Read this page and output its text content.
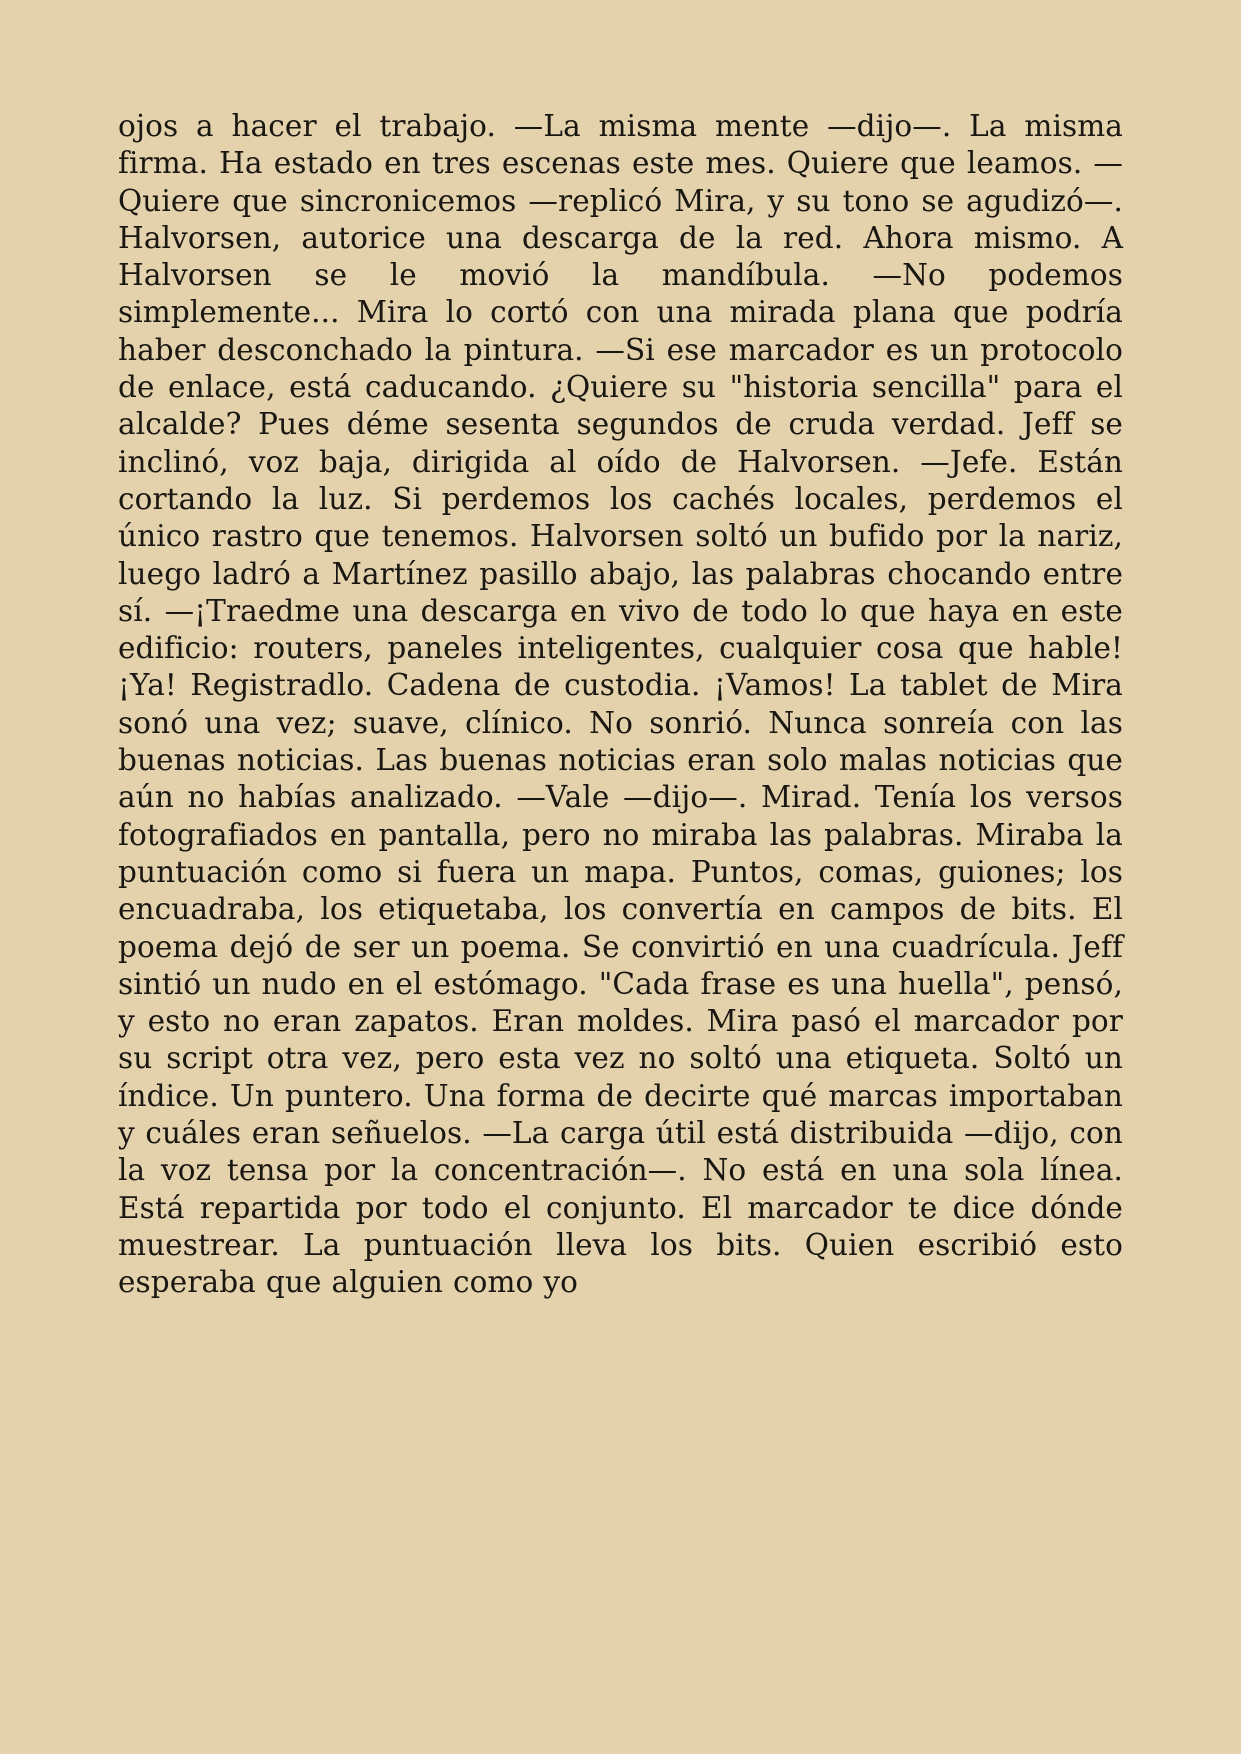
ojos a hacer el trabajo. —La misma mente —dijo—. La misma firma. Ha estado en tres escenas este mes. Quiere que leamos. —Quiere que sincronicemos —replicó Mira, y su tono se agudizó—. Halvorsen, autorice una descarga de la red. Ahora mismo. A Halvorsen se le movió la mandíbula. —No podemos simplemente... Mira lo cortó con una mirada plana que podría haber desconchado la pintura. —Si ese marcador es un protocolo de enlace, está caducando. ¿Quiere su "historia sencilla" para el alcalde? Pues déme sesenta segundos de cruda verdad. Jeff se inclinó, voz baja, dirigida al oído de Halvorsen. —Jefe. Están cortando la luz. Si perdemos los cachés locales, perdemos el único rastro que tenemos. Halvorsen soltó un bufido por la nariz, luego ladró a Martínez pasillo abajo, las palabras chocando entre sí. —¡Traedme una descarga en vivo de todo lo que haya en este edificio: routers, paneles inteligentes, cualquier cosa que hable! ¡Ya! Registradlo. Cadena de custodia. ¡Vamos! La tablet de Mira sonó una vez; suave, clínico. No sonrió. Nunca sonreía con las buenas noticias. Las buenas noticias eran solo malas noticias que aún no habías analizado. —Vale —dijo—. Mirad. Tenía los versos fotografiados en pantalla, pero no miraba las palabras. Miraba la puntuación como si fuera un mapa. Puntos, comas, guiones; los encuadraba, los etiquetaba, los convertía en campos de bits. El poema dejó de ser un poema. Se convirtió en una cuadrícula. Jeff sintió un nudo en el estómago. "Cada frase es una huella", pensó, y esto no eran zapatos. Eran moldes. Mira pasó el marcador por su script otra vez, pero esta vez no soltó una etiqueta. Soltó un índice. Un puntero. Una forma de decirte qué marcas importaban y cuáles eran señuelos. —La carga útil está distribuida —dijo, con la voz tensa por la concentración—. No está en una sola línea. Está repartida por todo el conjunto. El marcador te dice dónde muestrear. La puntuación lleva los bits. Quien escribió esto esperaba que alguien como yo
